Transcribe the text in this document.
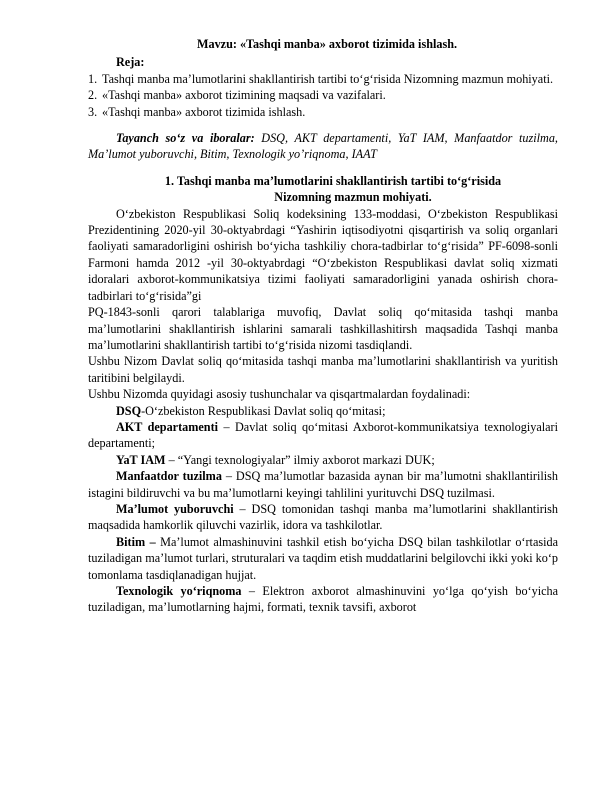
Mavzu: «Tashqi manba» axborot tizimida ishlash.
Reja:
1. Tashqi manba ma’lumotlarini shakllantirish tartibi to‘g‘risida Nizomning mazmun mohiyati.
2. «Tashqi manba» axborot tizimining maqsadi va vazifalari.
3. «Tashqi manba» axborot tizimida ishlash.

Tayanch so‘z va iboralar: DSQ, AKT departamenti, YaT IAM, Manfaatdor tuzilma, Ma’lumot yuboruvchi, Bitim, Texnologik yo’riqnoma, IAAT

1. Tashqi manba ma’lumotlarini shakllantirish tartibi to‘g‘risida
Nizomning mazmun mohiyati.

O‘zbekiston Respublikasi Soliq kodeksining 133-moddasi, O‘zbekiston Respublikasi Prezidentining 2020-yil 30-oktyabrdagi “Yashirin iqtisodiyotni qisqartirish va soliq organlari faoliyati samaradorligini oshirish bo‘yicha tashkiliy chora-tadbirlar to‘g‘risida” PF-6098-sonli Farmoni hamda 2012 -yil 30-oktyabrdagi “O‘zbekiston Respublikasi davlat soliq xizmati idoralari axborot-kommunikatsiya tizimi faoliyati samaradorligini yanada oshirish chora-tadbirlari to‘g‘risida”gi

PQ-1843-sonli qarori talablariga muvofiq, Davlat soliq qo‘mitasida tashqi manba ma’lumotlarini shakllantirish ishlarini samarali tashkillashitirsh maqsadida Tashqi manba ma’lumotlarini shakllantirish tartibi to‘g‘risida nizomi tasdiqlandi.

Ushbu Nizom Davlat soliq qo‘mitasida tashqi manba ma’lumotlarini shakllantirish va yuritish taritibini belgilaydi.

Ushbu Nizomda quyidagi asosiy tushunchalar va qisqartmalardan foydalinadi:

DSQ-O‘zbekiston Respublikasi Davlat soliq qo‘mitasi;

AKT departamenti – Davlat soliq qo‘mitasi Axborot-kommunikatsiya texnologiyalari departamenti;

YaT IAM – “Yangi texnologiyalar” ilmiy axborot markazi DUK;

Manfaatdor tuzilma – DSQ ma’lumotlar bazasida aynan bir ma’lumotni shakllantirilish istagini bildiruvchi va bu ma’lumotlarni keyingi tahlilini yurituvchi DSQ tuzilmasi.

Ma’lumot yuboruvchi – DSQ tomonidan tashqi manba ma’lumotlarini shakllantirish maqsadida hamkorlik qiluvchi vazirlik, idora va tashkilotlar.

Bitim – Ma’lumot almashinuvini tashkil etish bo‘yicha DSQ bilan tashkilotlar o‘rtasida tuziladigan ma’lumot turlari, struturalari va taqdim etish muddatlarini belgilovchi ikki yoki ko‘p tomonlama tasdiqlanadigan hujjat.

Texnologik yo‘riqnoma – Elektron axborot almashinuvini yo‘lga qo‘yish bo‘yicha tuziladigan, ma’lumotlarning hajmi, formati, texnik tavsifi, axborot
